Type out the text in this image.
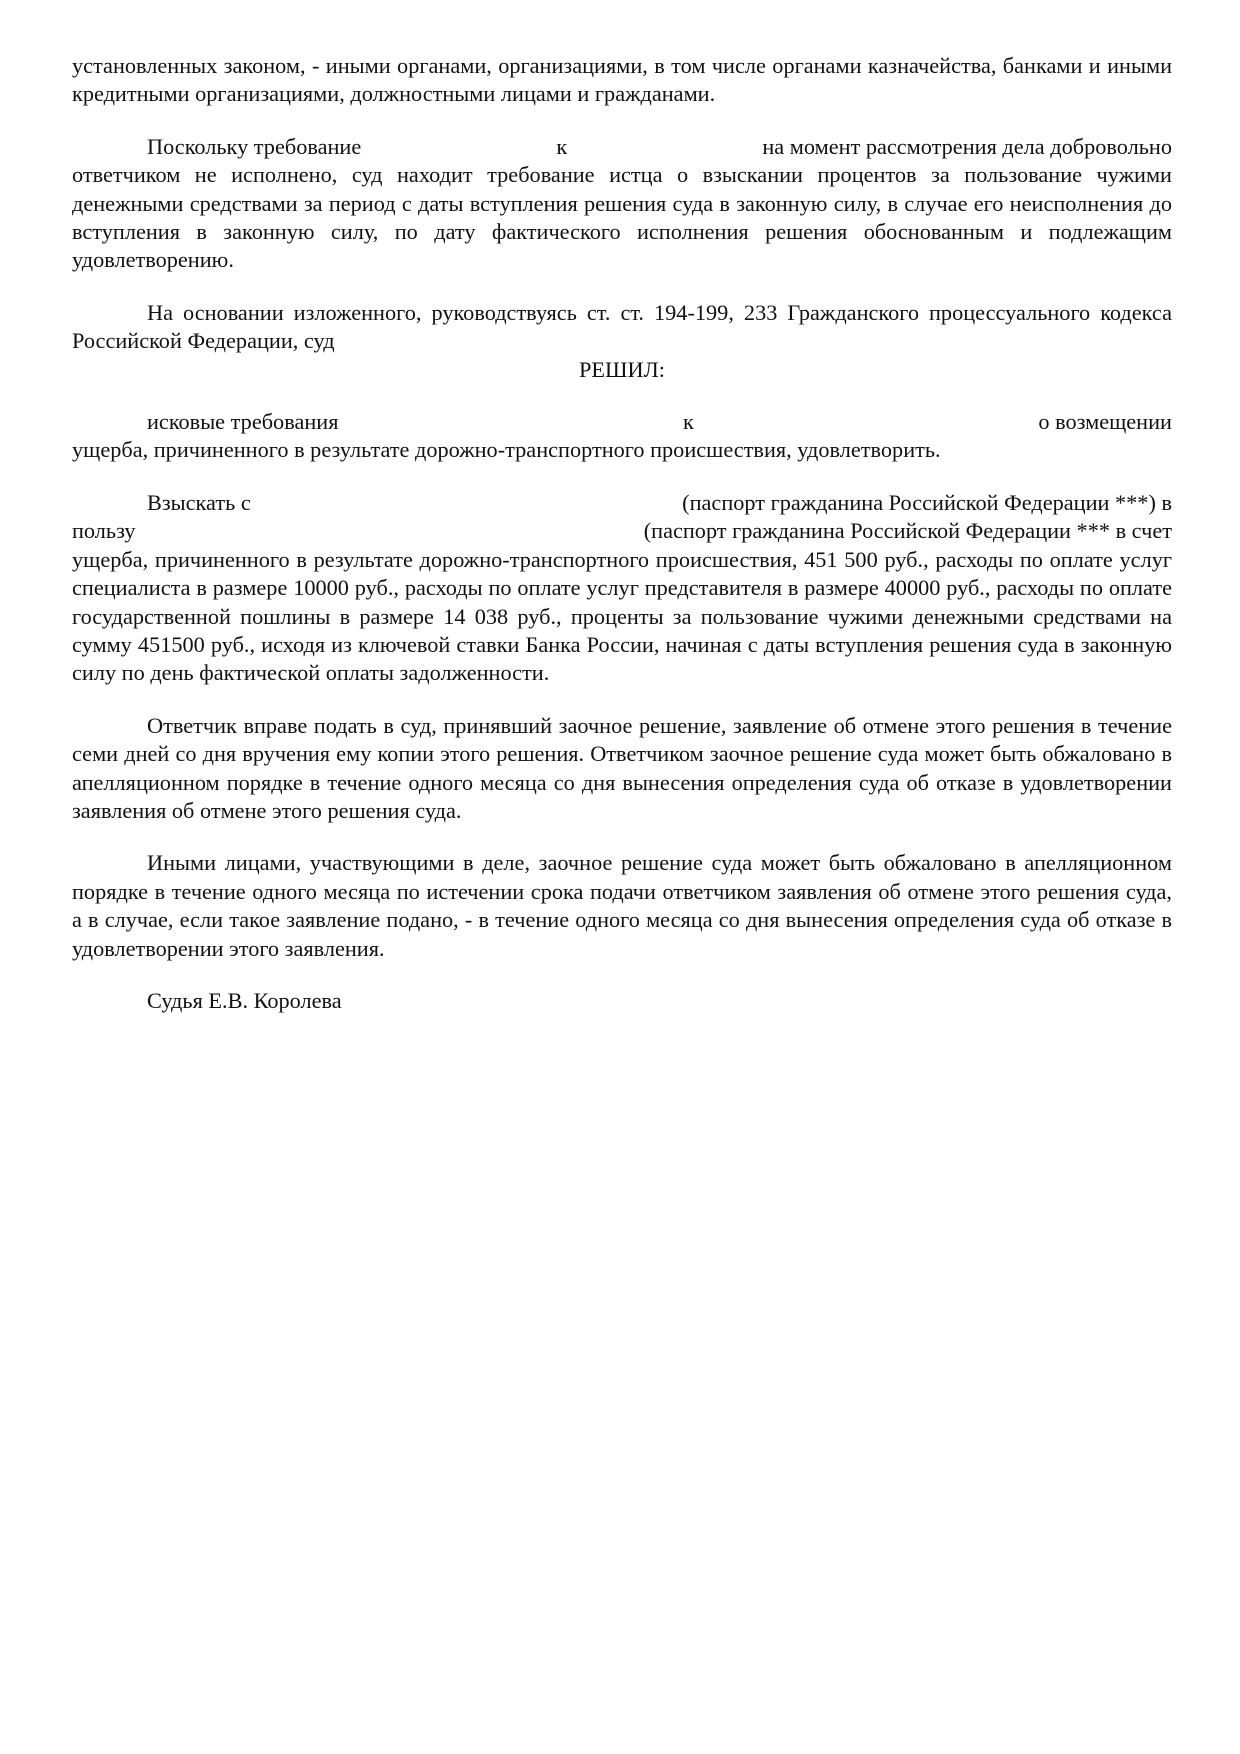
установленных законом, - иными органами, организациями, в том числе органами казначейства, банками и иными кредитными организациями, должностными лицами и гражданами.

Поскольку требование	к	на момент рассмотрения дела добровольно

ответчиком не исполнено, суд находит требование истца о взыскании процентов за пользование чужими денежными средствами за период с даты вступления решения суда в законную силу, в случае его неисполнения до вступления в законную силу, по дату фактического исполнения решения обоснованным и подлежащим удовлетворению.

На основании изложенного, руководствуясь ст. ст. 194-199, 233 Гражданского процессуального кодекса Российской Федерации, суд

РЕШИЛ:

исковые требования	к	о возмещении

ущерба, причиненного в результате дорожно-транспортного происшествия, удовлетворить.

Взыскать с	(паспорт гражданина Российской Федерации ***) в
пользу	(паспорт гражданина Российской Федерации *** в счет

ущерба, причиненного в результате дорожно-транспортного происшествия, 451 500 руб., расходы по оплате услуг специалиста в размере 10000 руб., расходы по оплате услуг представителя в размере 40000 руб., расходы по оплате государственной пошлины в размере 14 038 руб., проценты за пользование чужими денежными средствами на сумму 451500 руб., исходя из ключевой ставки Банка России, начиная с даты вступления решения суда в законную силу по день фактической оплаты задолженности.

Ответчик вправе подать в суд, принявший заочное решение, заявление об отмене этого решения в течение семи дней со дня вручения ему копии этого решения. Ответчиком заочное решение суда может быть обжаловано в апелляционном порядке в течение одного месяца со дня вынесения определения суда об отказе в удовлетворении заявления об отмене этого решения суда.

Иными лицами, участвующими в деле, заочное решение суда может быть обжаловано в апелляционном порядке в течение одного месяца по истечении срока подачи ответчиком заявления об отмене этого решения суда, а в случае, если такое заявление подано, - в течение одного месяца со дня вынесения определения суда об отказе в удовлетворении этого заявления.

Судья Е.В. Королева
